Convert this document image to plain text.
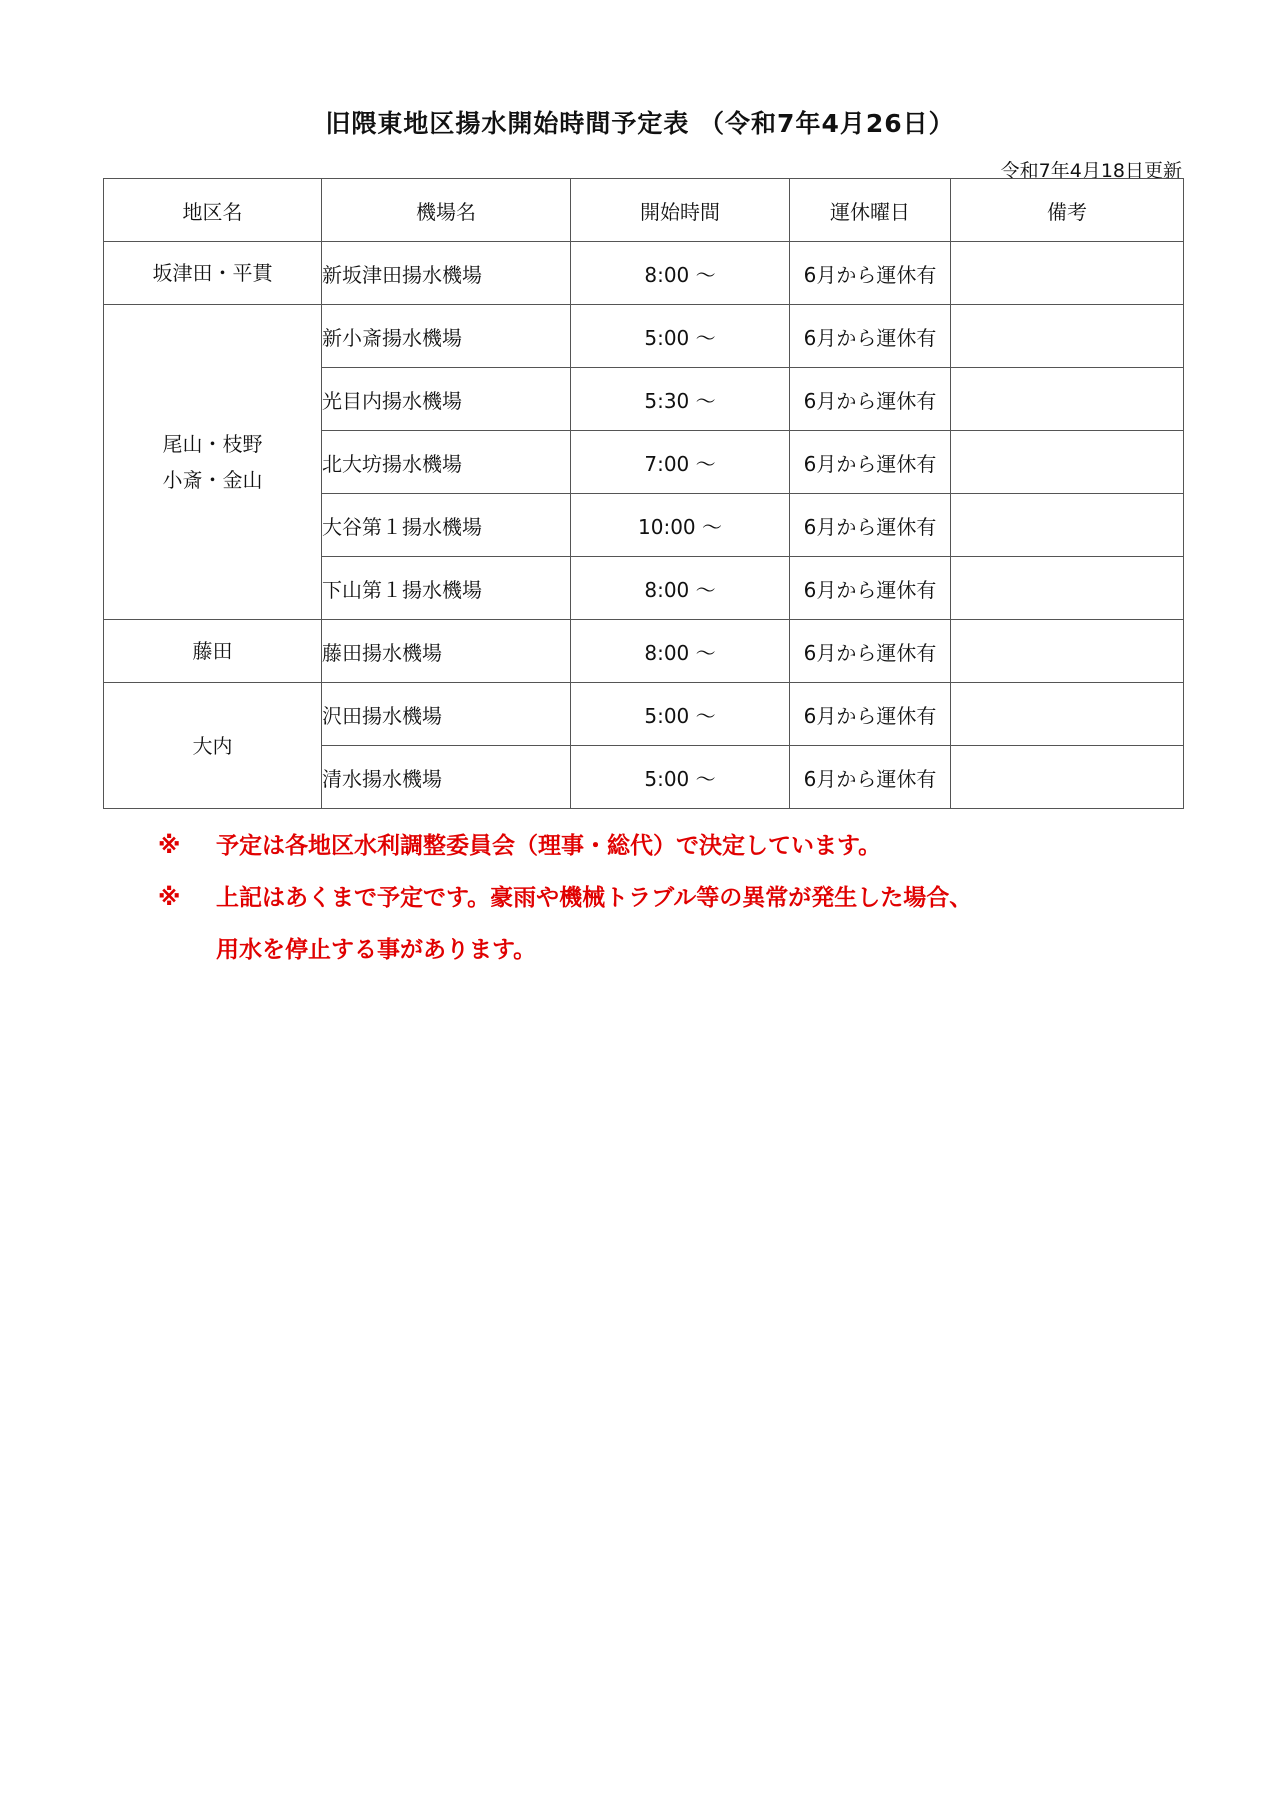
旧隈東地区揚水開始時間予定表 （令和7年4月26日）
令和7年4月18日更新
地区名	機場名	開始時間	運休曜日	備考

坂津田・平貫	新坂津田揚水機場	8:00 〜	6月から運休有	

尾山・枝野
小斎・金山	新小斎揚水機場	5:00 〜	6月から運休有	
	光目内揚水機場	5:30 〜	6月から運休有	
	北大坊揚水機場	7:00 〜	6月から運休有	
	大谷第１揚水機場	10:00 〜	6月から運休有	
	下山第１揚水機場	8:00 〜	6月から運休有	

藤田	藤田揚水機場	8:00 〜	6月から運休有	

大内	沢田揚水機場	5:00 〜	6月から運休有	
	清水揚水機場	5:00 〜	6月から運休有	
※ 予定は各地区水利調整委員会（理事・総代）で決定しています。
※ 上記はあくまで予定です。豪雨や機械トラブル等の異常が発生した場合、
用水を停止する事があります。
